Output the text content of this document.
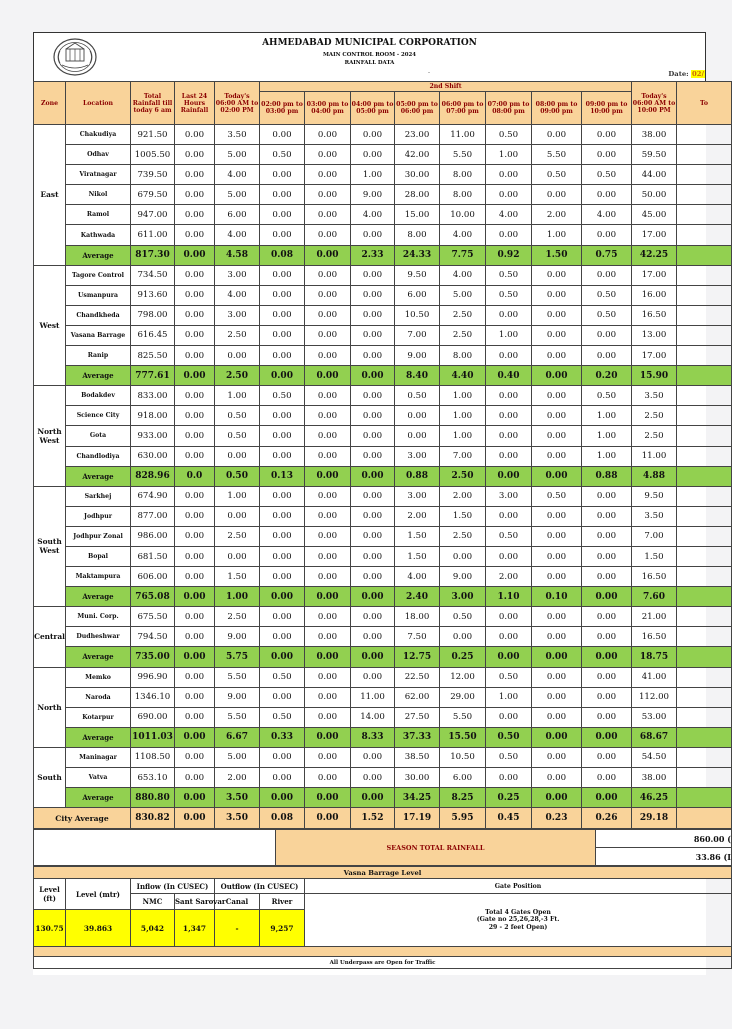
AHMEDABAD MUNICIPAL CORPORATION
MAIN CONTROL ROOM - 2024
RAINFALL DATA
-	Date: 02/
Zone	Location	Total Rainfall till today 6 am	Last 24 Hours Rainfall	Today's 06:00 AM to 02:00 PM	2nd Shift								Today's 06:00 AM to 10:00 PM	To
					02:00 pm to 03:00 pm	03:00 pm to 04:00 pm	04:00 pm to 05:00 pm	05:00 pm to 06:00 pm	06:00 pm to 07:00 pm	07:00 pm to 08:00 pm	08:00 pm to 09:00 pm	09:00 pm to 10:00 pm		
East	Chakudiya	921.50	0.00	3.50	0.00	0.00	0.00	23.00	11.00	0.50	0.00	0.00	38.00	
	Odhav	1005.50	0.00	5.00	0.50	0.00	0.00	42.00	5.50	1.00	5.50	0.00	59.50	
	Viratnagar	739.50	0.00	4.00	0.00	0.00	1.00	30.00	8.00	0.00	0.50	0.50	44.00	
	Nikol	679.50	0.00	5.00	0.00	0.00	9.00	28.00	8.00	0.00	0.00	0.00	50.00	
	Ramol	947.00	0.00	6.00	0.00	0.00	4.00	15.00	10.00	4.00	2.00	4.00	45.00	
	Kathwada	611.00	0.00	4.00	0.00	0.00	0.00	8.00	4.00	0.00	1.00	0.00	17.00	
	Average	817.30	0.00	4.58	0.08	0.00	2.33	24.33	7.75	0.92	1.50	0.75	42.25	
West	Tagore Control	734.50	0.00	3.00	0.00	0.00	0.00	9.50	4.00	0.50	0.00	0.00	17.00	
	Usmanpura	913.60	0.00	4.00	0.00	0.00	0.00	6.00	5.00	0.50	0.00	0.50	16.00	
	Chandkheda	798.00	0.00	3.00	0.00	0.00	0.00	10.50	2.50	0.00	0.00	0.50	16.50	
	Vasana Barrage	616.45	0.00	2.50	0.00	0.00	0.00	7.00	2.50	1.00	0.00	0.00	13.00	
	Ranip	825.50	0.00	0.00	0.00	0.00	0.00	9.00	8.00	0.00	0.00	0.00	17.00	
	Average	777.61	0.00	2.50	0.00	0.00	0.00	8.40	4.40	0.40	0.00	0.20	15.90	
North West	Bodakdev	833.00	0.00	1.00	0.50	0.00	0.00	0.50	1.00	0.00	0.00	0.50	3.50	
	Science City	918.00	0.00	0.50	0.00	0.00	0.00	0.00	1.00	0.00	0.00	1.00	2.50	
	Gota	933.00	0.00	0.50	0.00	0.00	0.00	0.00	1.00	0.00	0.00	1.00	2.50	
	Chandlodiya	630.00	0.00	0.00	0.00	0.00	0.00	3.00	7.00	0.00	0.00	1.00	11.00	
	Average	828.96	0.0	0.50	0.13	0.00	0.00	0.88	2.50	0.00	0.00	0.88	4.88	
South West	Sarkhej	674.90	0.00	1.00	0.00	0.00	0.00	3.00	2.00	3.00	0.50	0.00	9.50	
	Jodhpur	877.00	0.00	0.00	0.00	0.00	0.00	2.00	1.50	0.00	0.00	0.00	3.50	
	Jodhpur Zonal	986.00	0.00	2.50	0.00	0.00	0.00	1.50	2.50	0.50	0.00	0.00	7.00	
	Bopal	681.50	0.00	0.00	0.00	0.00	0.00	1.50	0.00	0.00	0.00	0.00	1.50	
	Maktampura	606.00	0.00	1.50	0.00	0.00	0.00	4.00	9.00	2.00	0.00	0.00	16.50	
	Average	765.08	0.00	1.00	0.00	0.00	0.00	2.40	3.00	1.10	0.10	0.00	7.60	
Central	Muni. Corp.	675.50	0.00	2.50	0.00	0.00	0.00	18.00	0.50	0.00	0.00	0.00	21.00	
	Dudheshwar	794.50	0.00	9.00	0.00	0.00	0.00	7.50	0.00	0.00	0.00	0.00	16.50	
	Average	735.00	0.00	5.75	0.00	0.00	0.00	12.75	0.25	0.00	0.00	0.00	18.75	
North	Memko	996.90	0.00	5.50	0.50	0.00	0.00	22.50	12.00	0.50	0.00	0.00	41.00	
	Naroda	1346.10	0.00	9.00	0.00	0.00	11.00	62.00	29.00	1.00	0.00	0.00	112.00	
	Kotarpur	690.00	0.00	5.50	0.50	0.00	14.00	27.50	5.50	0.00	0.00	0.00	53.00	
	Average	1011.03	0.00	6.67	0.33	0.00	8.33	37.33	15.50	0.50	0.00	0.00	68.67	
South	Maninagar	1108.50	0.00	5.00	0.00	0.00	0.00	38.50	10.50	0.50	0.00	0.00	54.50	
	Vatva	653.10	0.00	2.00	0.00	0.00	0.00	30.00	6.00	0.00	0.00	0.00	38.00	
	Average	880.80	0.00	3.50	0.00	0.00	0.00	34.25	8.25	0.25	0.00	0.00	46.25	
City Average		830.82	0.00	3.50	0.08	0.00	1.52	17.19	5.95	0.45	0.23	0.26	29.18	
	SEASON TOTAL RAINFALL	860.00 (
33.86 (I
Vasna Barrage Level						
Level (ft)	Level (mtr)	Inflow (In CUSEC)		Outflow (In CUSEC)		Gate Position
		NMC	Sant Sarovar	Canal	River	Total 4 Gates Open
(Gate no 25,26,28,-3 Ft.
29 - 2 feet Open)

130.75	39.863	5,042	1,347	-	9,257	

All Underpass are Open for Traffic						
